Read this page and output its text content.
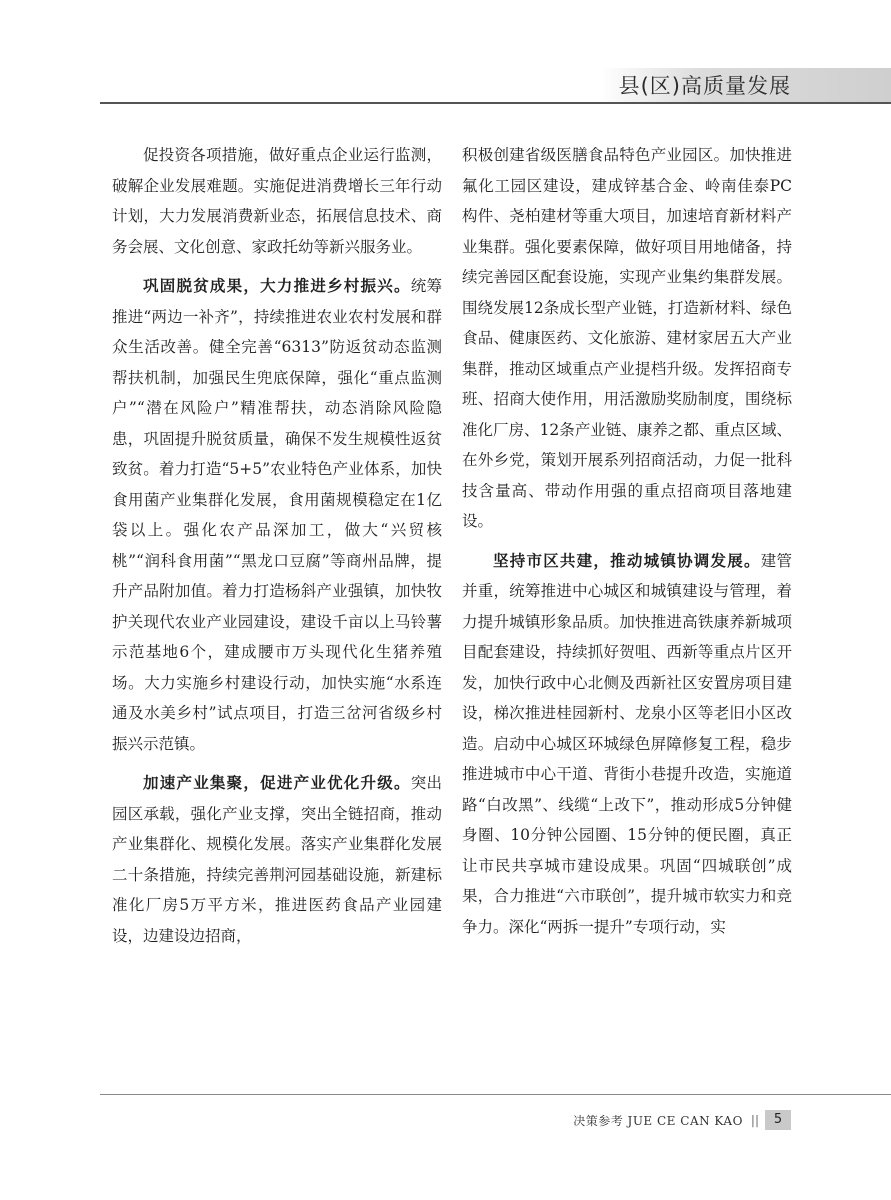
县(区)高质量发展

促投资各项措施，做好重点企业运行监测，破解企业发展难题。实施促进消费增长三年行动计划，大力发展消费新业态，拓展信息技术、商务会展、文化创意、家政托幼等新兴服务业。

巩固脱贫成果，大力推进乡村振兴。统筹推进“两边一补齐”，持续推进农业农村发展和群众生活改善。健全完善“6313”防返贫动态监测帮扶机制，加强民生兜底保障，强化“重点监测户”“潜在风险户”精准帮扶，动态消除风险隐患，巩固提升脱贫质量，确保不发生规模性返贫致贫。着力打造“5+5”农业特色产业体系，加快食用菌产业集群化发展，食用菌规模稳定在1亿袋以上。强化农产品深加工，做大“兴贸核桃”“润科食用菌”“黑龙口豆腐”等商州品牌，提升产品附加值。着力打造杨斜产业强镇，加快牧护关现代农业产业园建设，建设千亩以上马铃薯示范基地6个，建成腰市万头现代化生猪养殖场。大力实施乡村建设行动，加快实施“水系连通及水美乡村”试点项目，打造三岔河省级乡村振兴示范镇。

加速产业集聚，促进产业优化升级。突出园区承载，强化产业支撑，突出全链招商，推动产业集群化、规模化发展。落实产业集群化发展二十条措施，持续完善荆河园基础设施，新建标准化厂房5万平方米，推进医药食品产业园建设，边建设边招商，

积极创建省级医膳食品特色产业园区。加快推进氟化工园区建设，建成锌基合金、岭南佳泰PC构件、尧柏建材等重大项目，加速培育新材料产业集群。强化要素保障，做好项目用地储备，持续完善园区配套设施，实现产业集约集群发展。围绕发展12条成长型产业链，打造新材料、绿色食品、健康医药、文化旅游、建材家居五大产业集群，推动区域重点产业提档升级。发挥招商专班、招商大使作用，用活激励奖励制度，围绕标准化厂房、12条产业链、康养之都、重点区域、在外乡党，策划开展系列招商活动，力促一批科技含量高、带动作用强的重点招商项目落地建设。

坚持市区共建，推动城镇协调发展。建管并重，统筹推进中心城区和城镇建设与管理，着力提升城镇形象品质。加快推进高铁康养新城项目配套建设，持续抓好贺咀、西新等重点片区开发，加快行政中心北侧及西新社区安置房项目建设，梯次推进桂园新村、龙泉小区等老旧小区改造。启动中心城区环城绿色屏障修复工程，稳步推进城市中心干道、背街小巷提升改造，实施道路“白改黑”、线缆“上改下”，推动形成5分钟健身圈、10分钟公园圈、15分钟的便民圈，真正让市民共享城市建设成果。巩固“四城联创”成果，合力推进“六市联创”，提升城市软实力和竞争力。深化“两拆一提升”专项行动，实

决策参考 JUE CE CAN KAO ||	5
